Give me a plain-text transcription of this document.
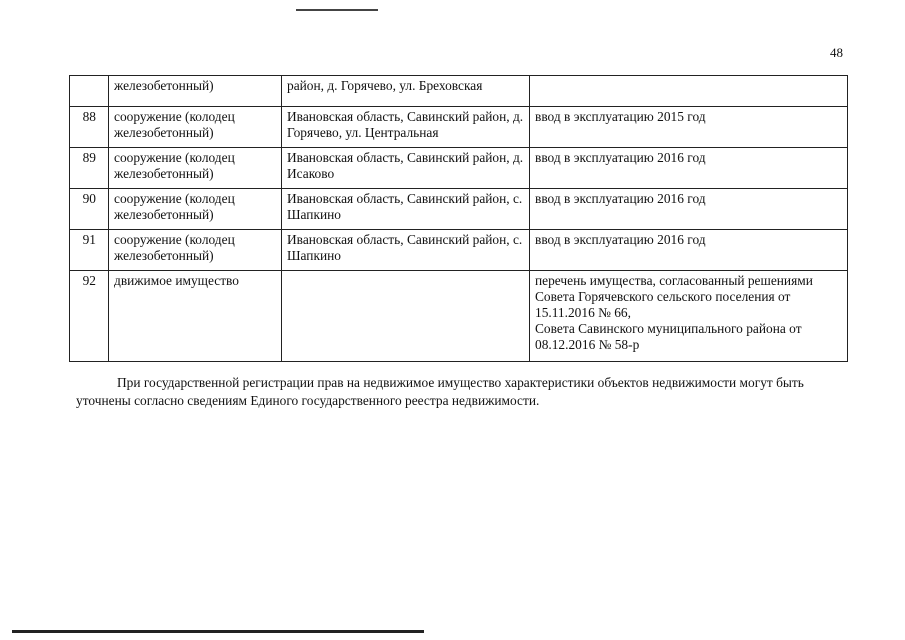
48
	железобетонный)	район, д. Горячево, ул. Бреховская	
88	сооружение (колодец железобетонный)	Ивановская область, Савинский район, д. Горячево, ул. Центральная	ввод в эксплуатацию 2015 год

89	сооружение (колодец железобетонный)	Ивановская область, Савинский район, д. Исаково	ввод в эксплуатацию 2016 год

90	сооружение (колодец железобетонный)	Ивановская область, Савинский район, с. Шапкино	ввод в эксплуатацию 2016 год

91	сооружение (колодец железобетонный)	Ивановская область, Савинский район, с. Шапкино	ввод в эксплуатацию 2016 год

92	движимое имущество		перечень имущества, согласованный решениями Совета Горячевского сельского поселения от 15.11.2016 № 66,
Совета Савинского муниципального района от 08.12.2016 № 58-р

При государственной регистрации прав на недвижимое имущество характеристики объектов недвижимости могут быть уточнены согласно сведениям Единого государственного реестра недвижимости.
